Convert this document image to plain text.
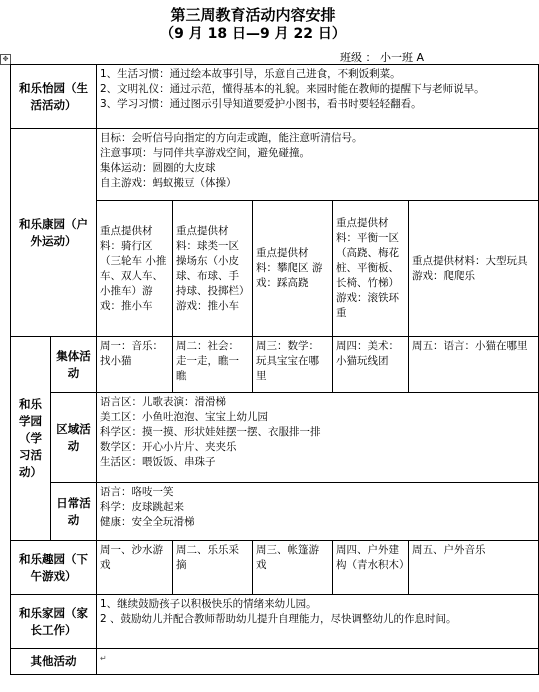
第三周教育活动内容安排
（9 月 18 日—9 月 22 日）
班级 ： 小一班 A
✥
和乐怡园（生活活动）		1、生活习惯：通过绘本故事引导，乐意自己进食，不剩饭剩菜。

2、文明礼仪：通过示范，懂得基本的礼貌。来园时能在教师的提醒下与老师说早。

3、学习习惯：通过图示引导知道要爱护小图书，看书时要轻轻翻看。				

和乐康园（户外运动）		目标：会听信号向指定的方向走或跑，能注意听清信号。

注意事项：与同伴共享游戏空间，避免碰撞。

集体运动：圆圈的大皮球

自主游戏：蚂蚁搬豆（体操）				

		重点提供材料：骑行区（三轮车 小推车、双人车、小推车）游戏：推小车	重点提供材料：球类一区操场东（小皮球、布球、手持球、投掷栏）游戏：推小车	重点提供材料：攀爬区 游戏：踩高跷	重点提供材料：平衡一区（高跷、梅花桩、平衡板、长椅、竹梯）游戏：滚铁环重	重点提供材料：大型玩具 游戏：爬爬乐
和乐学园（学习活动）	集体活动	周一：音乐：找小猫	周二：社会：走一走，瞧一瞧	周三：数学：玩具宝宝在哪里	周四：美术：小猫玩线团	周五：语言：小猫在哪里
	区域活动	语言区：儿歌表演：滑滑梯

美工区：小鱼吐泡泡、宝宝上幼儿园

科学区：摸一摸、形状娃娃摆一摆、衣服排一排

数学区：开心小片片、夹夹乐

生活区：喂饭饭、串珠子				

	日常活动	语言：咯吱一笑

科学：皮球跳起来

健康：安全全玩滑梯				

和乐趣园（下午游戏）		周一、沙水游戏	周二、乐乐采摘	周三、帐篷游戏	周四、户外建构（青水积木）	周五、户外音乐
和乐家园（家长工作）		1、继续鼓励孩子以积极快乐的情绪来幼儿园。

2 、鼓励幼儿并配合教师帮助幼儿提升自理能力，尽快调整幼儿的作息时间。				

其他活动		↵				
